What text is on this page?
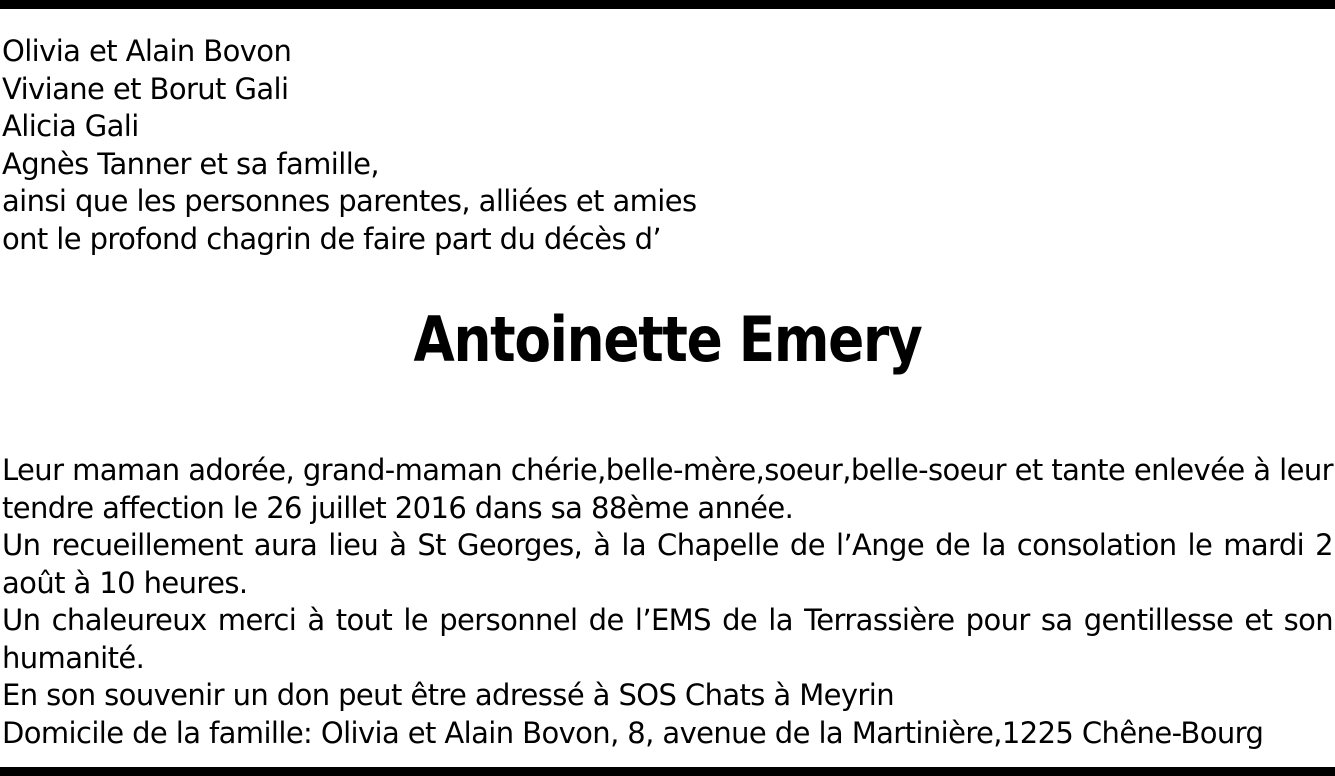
Olivia et Alain Bovon
Viviane et Borut Gali
Alicia Gali
Agnès Tanner et sa famille,
ainsi que les personnes parentes, alliées et amies
ont le profond chagrin de faire part du décès d’
Antoinette Emery
Leur maman adorée, grand-maman chérie,belle-mère,soeur,belle-soeur et tante enlevée à leur tendre affection le 26 juillet 2016 dans sa 88ème année.
Un recueillement aura lieu à St Georges, à la Chapelle de l’Ange de la consolation le mardi 2 août à 10 heures.
Un chaleureux merci à tout le personnel de l’EMS de la Terrassière pour sa gentillesse et son humanité.
En son souvenir un don peut être adressé à SOS Chats à Meyrin
Domicile de la famille: Olivia et Alain Bovon, 8, avenue de la Martinière,1225 Chêne-Bourg
